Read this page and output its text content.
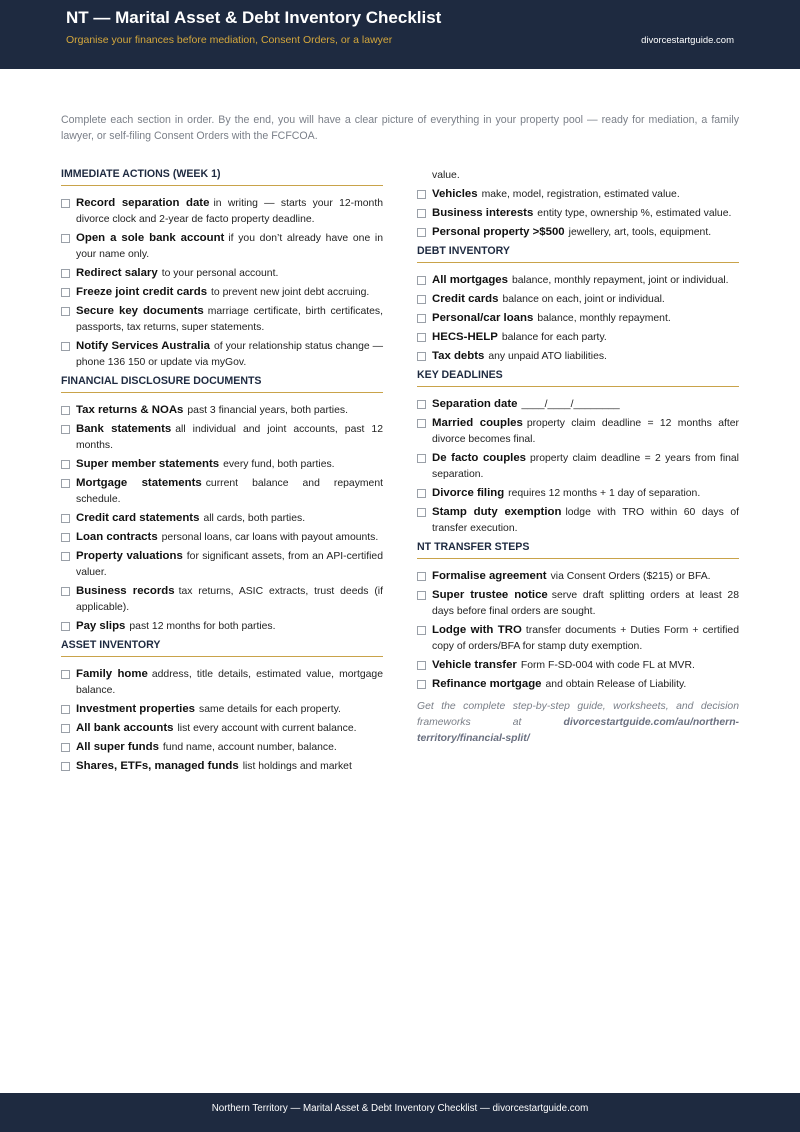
NT — Marital Asset & Debt Inventory Checklist
Organise your finances before mediation, Consent Orders, or a lawyer	divorcestartguide.com
Complete each section in order. By the end, you will have a clear picture of everything in your property pool — ready for mediation, a family lawyer, or self-filing Consent Orders with the FCFCOA.
IMMEDIATE ACTIONS (WEEK 1)
Record separation date in writing — starts your 12-month divorce clock and 2-year de facto property deadline.
Open a sole bank account if you don’t already have one in your name only.
Redirect salary to your personal account.
Freeze joint credit cards to prevent new joint debt accruing.
Secure key documents marriage certificate, birth certificates, passports, tax returns, super statements.
Notify Services Australia of your relationship status change — phone 136 150 or update via myGov.
FINANCIAL DISCLOSURE DOCUMENTS
Tax returns & NOAs past 3 financial years, both parties.
Bank statements all individual and joint accounts, past 12 months.
Super member statements every fund, both parties.
Mortgage statements current balance and repayment schedule.
Credit card statements all cards, both parties.
Loan contracts personal loans, car loans with payout amounts.
Property valuations for significant assets, from an API-certified valuer.
Business records tax returns, ASIC extracts, trust deeds (if applicable).
Pay slips past 12 months for both parties.
ASSET INVENTORY
Family home address, title details, estimated value, mortgage balance.
Investment properties same details for each property.
All bank accounts list every account with current balance.
All super funds fund name, account number, balance.
Shares, ETFs, managed funds list holdings and market
value.
Vehicles make, model, registration, estimated value.
Business interests entity type, ownership %, estimated value.
Personal property >$500 jewellery, art, tools, equipment.
DEBT INVENTORY
All mortgages balance, monthly repayment, joint or individual.
Credit cards balance on each, joint or individual.
Personal/car loans balance, monthly repayment.
HECS-HELP balance for each party.
Tax debts any unpaid ATO liabilities.
KEY DEADLINES
Separation date ____/____/________
Married couples property claim deadline = 12 months after divorce becomes final.
De facto couples property claim deadline = 2 years from final separation.
Divorce filing requires 12 months + 1 day of separation.
Stamp duty exemption lodge with TRO within 60 days of transfer execution.
NT TRANSFER STEPS
Formalise agreement via Consent Orders ($215) or BFA.
Super trustee notice serve draft splitting orders at least 28 days before final orders are sought.
Lodge with TRO transfer documents + Duties Form + certified copy of orders/BFA for stamp duty exemption.
Vehicle transfer Form F-SD-004 with code FL at MVR.
Refinance mortgage and obtain Release of Liability.
Get the complete step-by-step guide, worksheets, and decision frameworks at	divorcestartguide.com/au/northern-territory/financial-split/
Northern Territory — Marital Asset & Debt Inventory Checklist — divorcestartguide.com
